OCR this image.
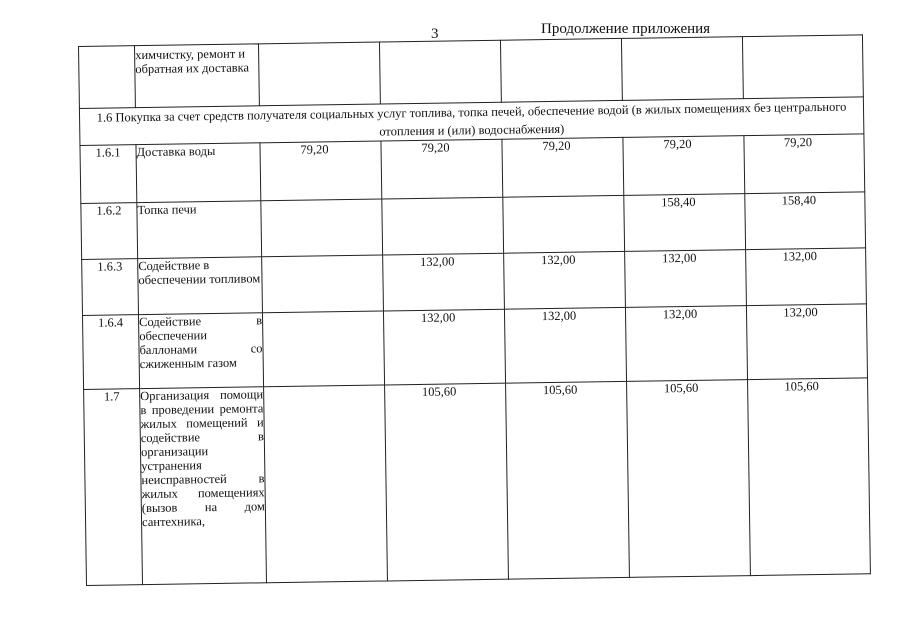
3	Продолжение приложения
	химчистку, ремонт и обратная их доставка					
1.6 Покупка за счет средств получателя социальных услуг топлива, топка печей, обеспечение водой (в жилых помещениях без центрального отопления и (или) водоснабжения)						
1.6.1	Доставка воды	79,20	79,20	79,20	79,20	79,20
1.6.2	Топка печи				158,40	158,40
1.6.3	Содействие в обеспечении топливом		132,00	132,00	132,00	132,00
1.6.4	Содействие в обеспечении баллонами со сжиженным газом		132,00	132,00	132,00	132,00
1.7	Организация помощи в проведении ремонта жилых помещений и содействие в организации устранения неисправностей в жилых помещениях (вызов на дом сантехника,		105,60	105,60	105,60	105,60
